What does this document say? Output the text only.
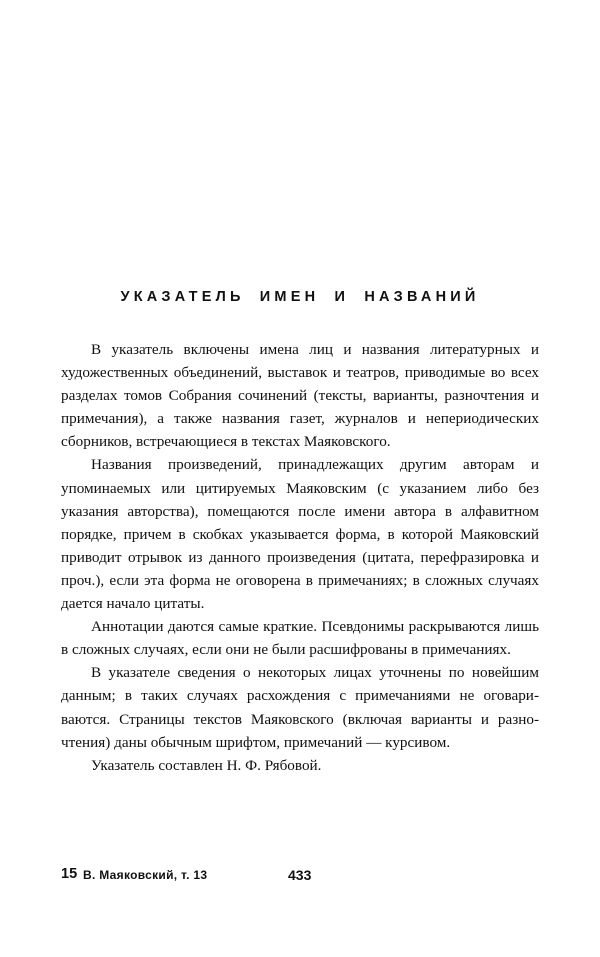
УКАЗАТЕЛЬ ИМЕН И НАЗВАНИЙ

В указатель включены имена лиц и названия литературных и художественных объединений, выставок и театров, приводимые во всех разделах томов Собрания сочинений (тексты, варианты, разночтения и примечания), а также названия газет, журналов и непериодических сборников, встречающиеся в текстах Маяковского.

Названия произведений, принадлежащих другим авторам и упоминаемых или цитируемых Маяковским (с указанием либо без указания авторства), помещаются после имени автора в алфавитном порядке, причем в скобках указывается форма, в которой Маяковский приводит отрывок из данного произведения (цитата, перефразировка и проч.), если эта форма не оговорена в примечаниях; в сложных случаях дается начало цитаты.

Аннотации даются самые краткие. Псевдонимы раскрываются лишь в сложных случаях, если они не были расшифрованы в примечаниях.

В указателе сведения о некоторых лицах уточнены по новейшим данным; в таких случаях расхождения с примечаниями не оговариваются. Страницы текстов Маяковского (включая варианты и разночтения) даны обычным шрифтом, примечаний — курсивом.

Указатель составлен Н. Ф. Рябовой.

15 В. Маяковский, т. 13	433
